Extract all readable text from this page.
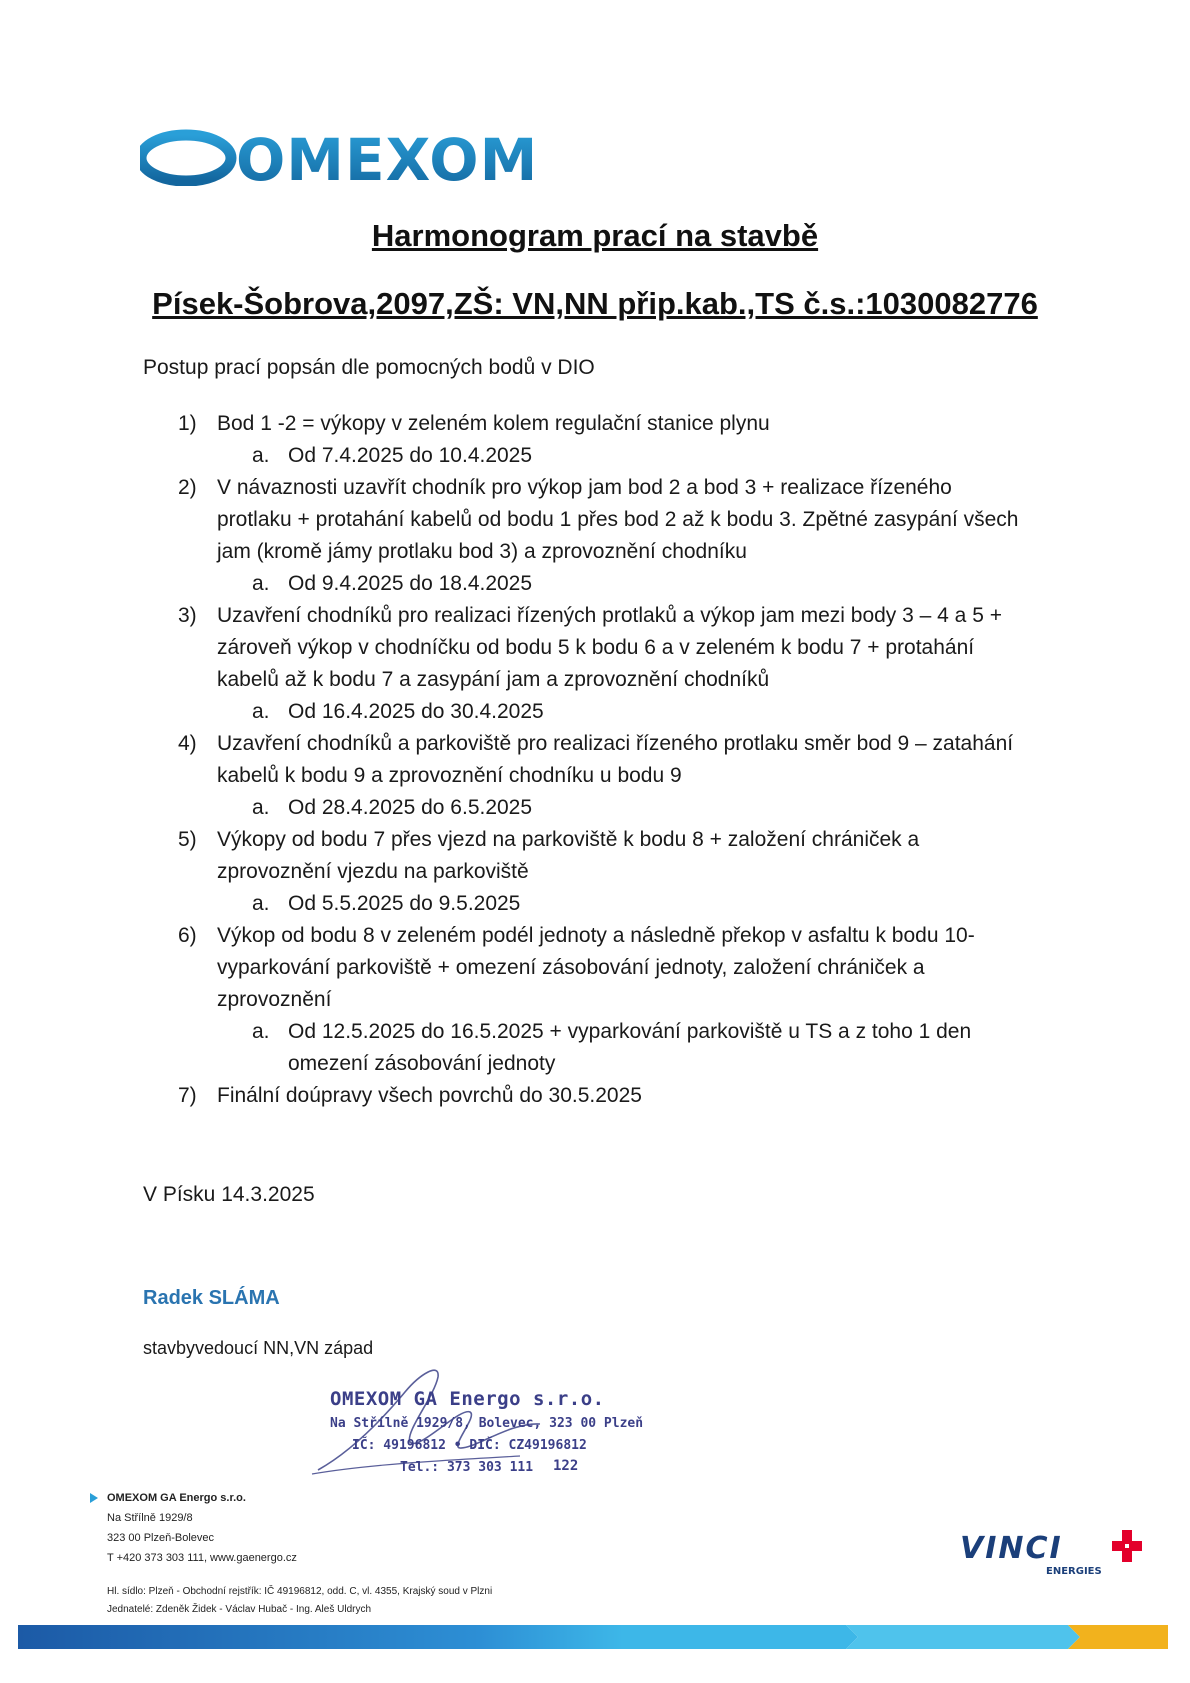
OMEXOM
Harmonogram prací na stavbě
Písek-Šobrova,2097,ZŠ: VN,NN přip.kab.,TS č.s.:1030082776
Postup prací popsán dle pomocných bodů v DIO
1) Bod 1 -2 = výkopy v zeleném kolem regulační stanice plynu
a. Od 7.4.2025 do 10.4.2025
2) V návaznosti uzavřít chodník pro výkop jam bod 2 a bod 3 + realizace řízeného
protlaku + protahání kabelů od bodu 1 přes bod 2 až k bodu 3. Zpětné zasypání všech
jam (kromě jámy protlaku bod 3) a zprovoznění chodníku
a. Od 9.4.2025 do 18.4.2025
3) Uzavření chodníků pro realizaci řízených protlaků a výkop jam mezi body 3 – 4 a 5 +
zároveň výkop v chodníčku od bodu 5 k bodu 6 a v zeleném k bodu 7 + protahání
kabelů až k bodu 7 a zasypání jam a zprovoznění chodníků
a. Od 16.4.2025 do 30.4.2025
4) Uzavření chodníků a parkoviště pro realizaci řízeného protlaku směr bod 9 – zatahání
kabelů k bodu 9 a zprovoznění chodníku u bodu 9
a. Od 28.4.2025 do 6.5.2025
5) Výkopy od bodu 7 přes vjezd na parkoviště k bodu 8 + založení chrániček a
zprovoznění vjezdu na parkoviště
a. Od 5.5.2025 do 9.5.2025
6) Výkop od bodu 8 v zeleném podél jednoty a následně překop v asfaltu k bodu 10-
vyparkování parkoviště + omezení zásobování jednoty, založení chrániček a
zprovoznění
a. Od 12.5.2025 do 16.5.2025 + vyparkování parkoviště u TS a z toho 1 den
omezení zásobování jednoty
7) Finální doúpravy všech povrchů do 30.5.2025
V Písku 14.3.2025
Radek SLÁMA
stavbyvedoucí NN,VN západ
OMEXOM GA Energo s.r.o.
Na Střílně 1929/8, Bolevec, 323 00 Plzeň
IČ: 49196812 • DIČ: CZ49196812
Tel.: 373 303 111 122
OMEXOM GA Energo s.r.o.
Na Střílně 1929/8
323 00 Plzeň-Bolevec
T +420 373 303 111, www.gaenergo.cz
Hl. sídlo: Plzeň - Obchodní rejstřík: IČ 49196812, odd. C, vl. 4355, Krajský soud v Plzni
Jednatelé: Zdeněk Židek - Václav Hubač - Ing. Aleš Uldrych
VINCI
ENERGIES
